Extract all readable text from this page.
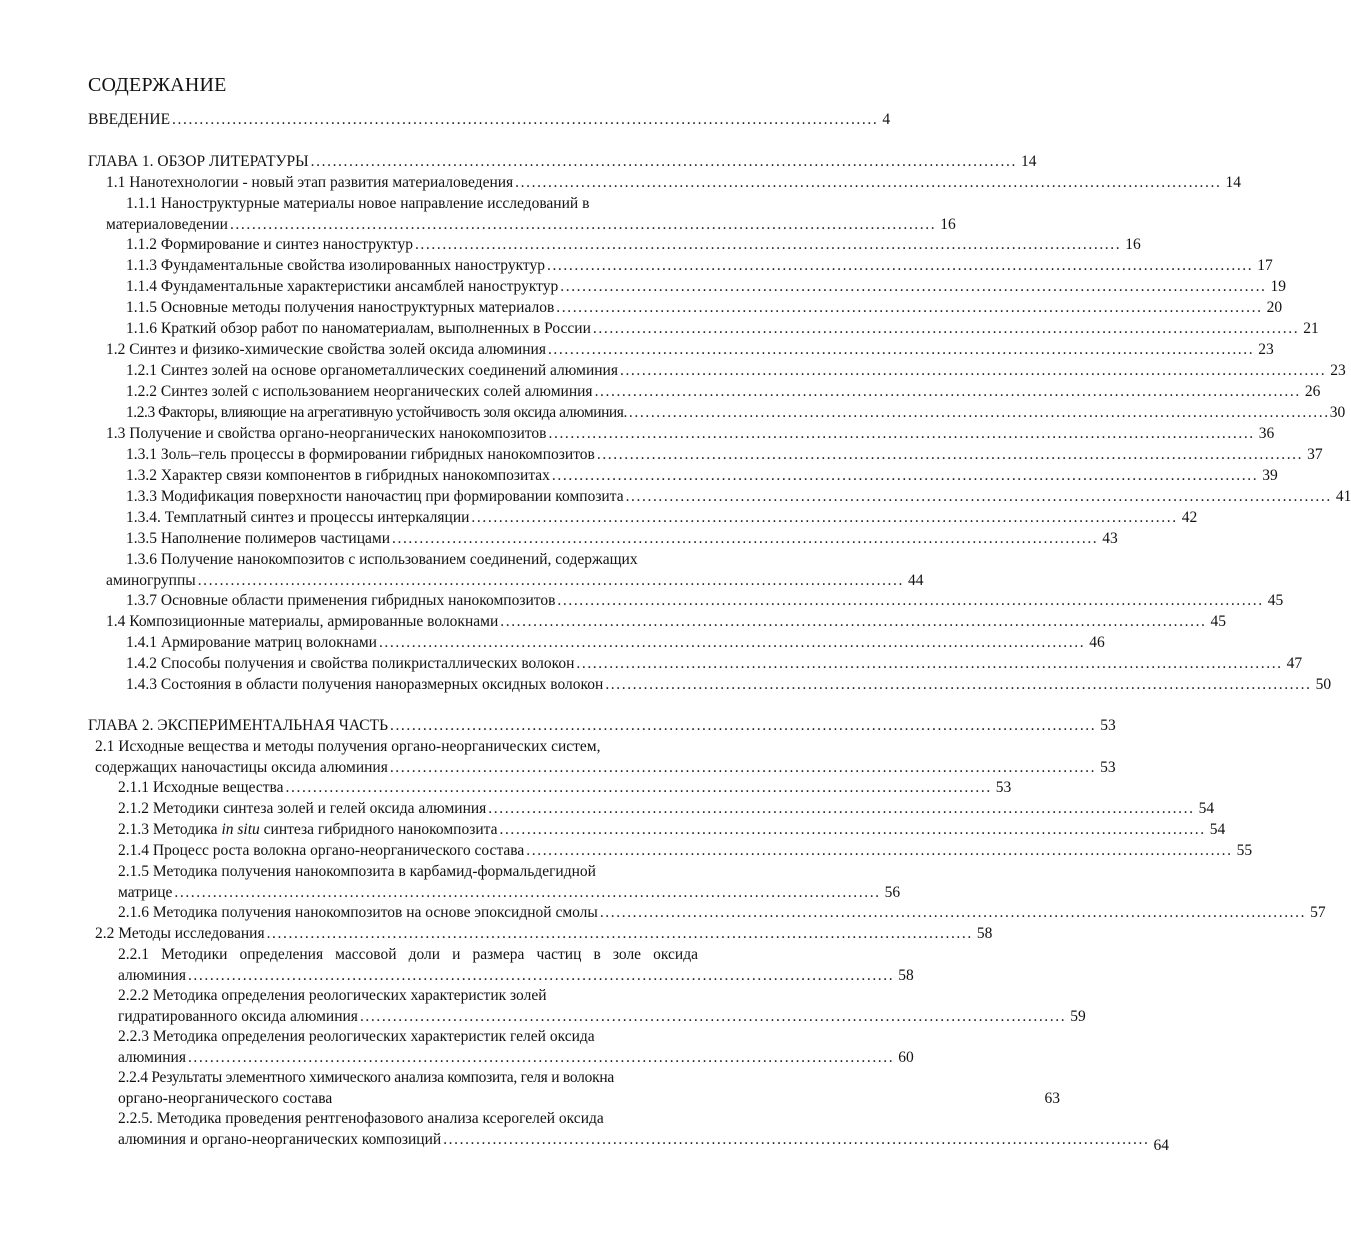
СОДЕРЖАНИЕ
ВВЕДЕНИЕ ................................................................................................................................. 4
ГЛАВА 1. ОБЗОР ЛИТЕРАТУРЫ ................................................................................................................................. 14
1.1 Нанотехнологии - новый этап развития материаловедения ................................................................................................................................. 14
1.1.1 Наноструктурные материалы новое направление исследований в
материаловедении ................................................................................................................................. 16
1.1.2 Формирование и синтез наноструктур ................................................................................................................................. 16
1.1.3 Фундаментальные свойства изолированных наноструктур ................................................................................................................................. 17
1.1.4 Фундаментальные характеристики ансамблей наноструктур ................................................................................................................................. 19
1.1.5 Основные методы получения наноструктурных материалов ................................................................................................................................. 20
1.1.6 Краткий обзор работ по наноматериалам, выполненных в России ................................................................................................................................. 21
1.2 Синтез и физико-химические свойства золей оксида алюминия ................................................................................................................................. 23
1.2.1 Синтез золей на основе органометаллических соединений алюминия ................................................................................................................................. 23
1.2.2 Синтез золей с использованием неорганических солей алюминия ................................................................................................................................. 26
1.2.3 Факторы, влияющие на агрегативную устойчивость золя оксида алюминия ................................................................................................................................. 30
1.3 Получение и свойства органо-неорганических нанокомпозитов ................................................................................................................................. 36
1.3.1 Золь–гель процессы в формировании гибридных нанокомпозитов ................................................................................................................................. 37
1.3.2 Характер связи компонентов в гибридных нанокомпозитах ................................................................................................................................. 39
1.3.3 Модификация поверхности наночастиц при формировании композита ................................................................................................................................. 41
1.3.4. Темплатный синтез и процессы интеркаляции ................................................................................................................................. 42
1.3.5 Наполнение полимеров частицами ................................................................................................................................. 43
1.3.6 Получение нанокомпозитов с использованием соединений, содержащих
аминогруппы ................................................................................................................................. 44
1.3.7 Основные области применения гибридных нанокомпозитов ................................................................................................................................. 45
1.4 Композиционные материалы, армированные волокнами ................................................................................................................................. 45
1.4.1 Армирование матриц волокнами ................................................................................................................................. 46
1.4.2 Способы получения и свойства поликристаллических волокон ................................................................................................................................. 47
1.4.3 Состояния в области получения наноразмерных оксидных волокон ................................................................................................................................. 50
ГЛАВА 2. ЭКСПЕРИМЕНТАЛЬНАЯ ЧАСТЬ ................................................................................................................................. 53
2.1 Исходные вещества и методы получения органо-неорганических систем,
содержащих наночастицы оксида алюминия ................................................................................................................................. 53
2.1.1 Исходные вещества ................................................................................................................................. 53
2.1.2 Методики синтеза золей и гелей оксида алюминия ................................................................................................................................. 54
2.1.3 Методика in situ синтеза гибридного нанокомпозита ................................................................................................................................. 54
2.1.4 Процесс роста волокна органо-неорганического состава ................................................................................................................................. 55
2.1.5 Методика получения нанокомпозита в карбамид-формальдегидной
матрице ................................................................................................................................. 56
2.1.6 Методика получения нанокомпозитов на основе эпоксидной смолы ................................................................................................................................. 57
2.2 Методы исследования ................................................................................................................................. 58
2.2.1 Методики определения массовой доли и размера частиц в золе оксида
алюминия ................................................................................................................................. 58
2.2.2 Методика определения реологических характеристик золей
гидратированного оксида алюминия ................................................................................................................................. 59
2.2.3 Методика определения реологических характеристик гелей оксида
алюминия ................................................................................................................................. 60
2.2.4 Результаты элементного химического анализа композита, геля и волокна
органо-неорганического состава	63
2.2.5. Методика проведения рентгенофазового анализа ксерогелей оксида
алюминия и органо-неорганических композиций ................................................................................................................................. 64
